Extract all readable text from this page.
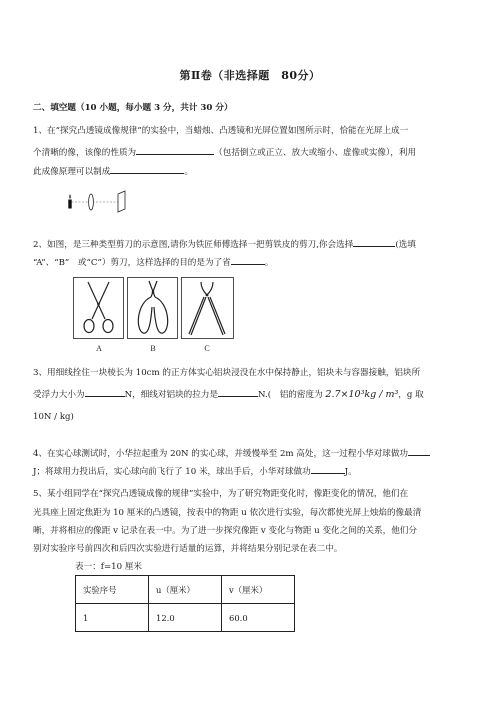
第Ⅱ卷（非选择题　80分）
二、填空题（10 小题，每小题 3 分，共计 30 分）
1、在“探究凸透镜成像规律”的实验中，当蜡烛、凸透镜和光屏位置如图所示时，恰能在光屏上成一
个清晰的像，该像的性质为	（包括倒立或正立、放大或缩小、虚像或实像），利用
此成像原理可以制成	。
2、如图，是三种类型剪刀的示意图,请你为铁匠师傅选择一把剪铁皮的剪刀,你会选择	(选填
“A”、“B”　或“C”）剪刀，这样选择的目的是为了省	。
A	B	C
3、用细线拴住一块棱长为 10cm 的正方体实心铝块浸没在水中保持静止，铝块未与容器接触，铝块所
受浮力大小为	N，细线对铝块的拉力是	N.(　铝的密度为 2.7×10³kg / m³，g 取
10N / kg)
4、在实心球测试时，小华拉起重为 20N 的实心球，并缓慢举至 2m 高处，这一过程小华对球做功
J；将球用力投出后，实心球向前飞行了 10 米，球出手后，小华对球做功	J。
5、某小组同学在“探究凸透镜成像的规律”实验中，为了研究物距变化时，像距变化的情况，他们在
光具座上固定焦距为 10 厘米的凸透镜，按表中的物距 u 依次进行实验，每次都使光屏上烛焰的像最清
晰，并将相应的像距 v 记录在表一中。为了进一步探究像距 v 变化与物距 u 变化之间的关系，他们分
别对实验序号前四次和后四次实验进行适量的运算，并将结果分别记录在表二中。
表一：f=10 厘米
实验序号	u（厘米）	v（厘米）
1	12.0	60.0
